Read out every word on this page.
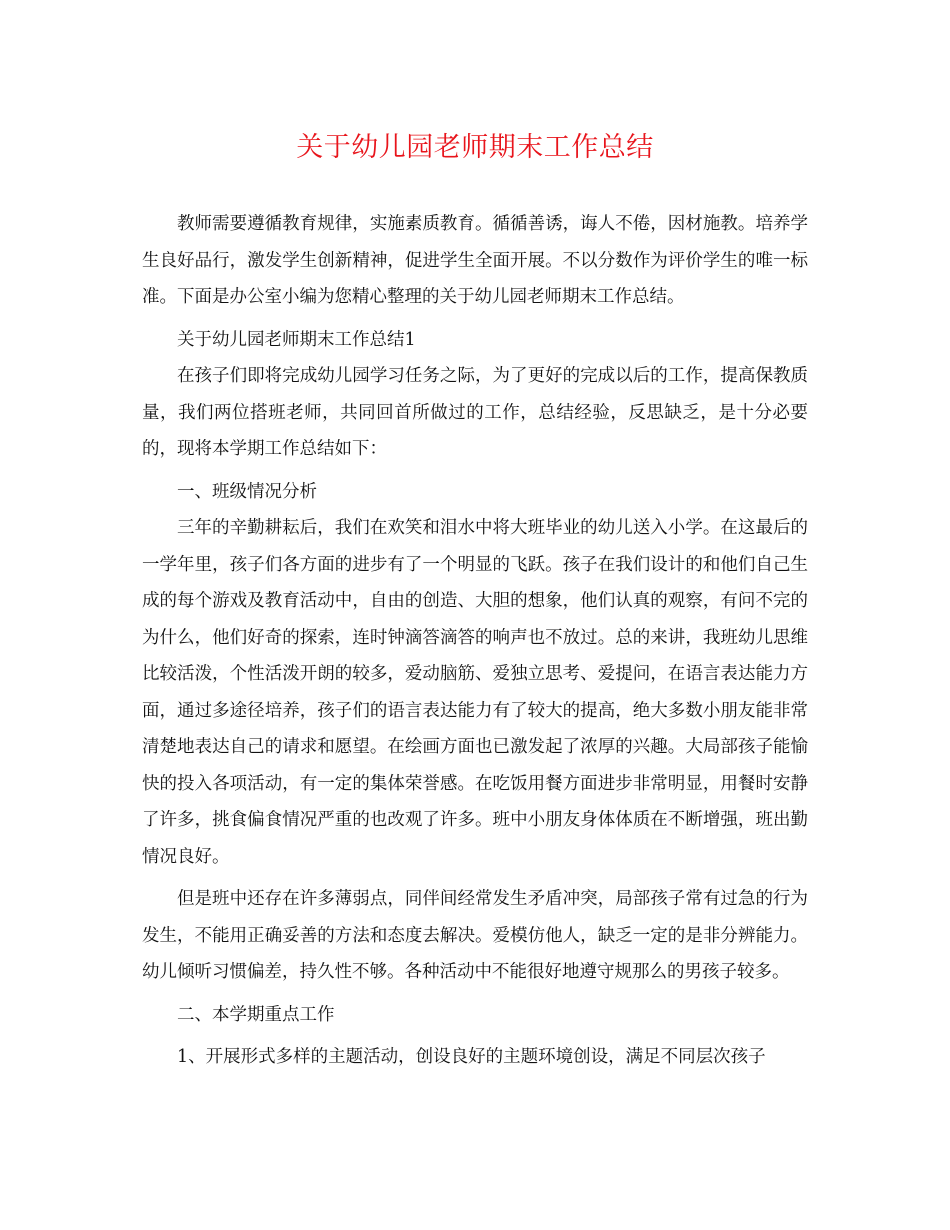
关于幼儿园老师期末工作总结

教师需要遵循教育规律，实施素质教育。循循善诱，诲人不倦，因材施教。培养学生良好品行，激发学生创新精神，促进学生全面开展。不以分数作为评价学生的唯一标准。下面是办公室小编为您精心整理的关于幼儿园老师期末工作总结。

关于幼儿园老师期末工作总结1

在孩子们即将完成幼儿园学习任务之际，为了更好的完成以后的工作，提高保教质量，我们两位搭班老师，共同回首所做过的工作，总结经验，反思缺乏，是十分必要的，现将本学期工作总结如下：

一、班级情况分析

三年的辛勤耕耘后，我们在欢笑和泪水中将大班毕业的幼儿送入小学。在这最后的一学年里，孩子们各方面的进步有了一个明显的飞跃。孩子在我们设计的和他们自己生成的每个游戏及教育活动中，自由的创造、大胆的想象，他们认真的观察，有问不完的为什么，他们好奇的探索，连时钟滴答滴答的响声也不放过。总的来讲，我班幼儿思维比较活泼，个性活泼开朗的较多，爱动脑筋、爱独立思考、爱提问，在语言表达能力方面，通过多途径培养，孩子们的语言表达能力有了较大的提高，绝大多数小朋友能非常清楚地表达自己的请求和愿望。在绘画方面也已激发起了浓厚的兴趣。大局部孩子能愉快的投入各项活动，有一定的集体荣誉感。在吃饭用餐方面进步非常明显，用餐时安静了许多，挑食偏食情况严重的也改观了许多。班中小朋友身体体质在不断增强，班出勤情况良好。

但是班中还存在许多薄弱点，同伴间经常发生矛盾冲突，局部孩子常有过急的行为发生，不能用正确妥善的方法和态度去解决。爱模仿他人，缺乏一定的是非分辨能力。幼儿倾听习惯偏差，持久性不够。各种活动中不能很好地遵守规那么的男孩子较多。

二、本学期重点工作

1、开展形式多样的主题活动，创设良好的主题环境创设，满足不同层次孩子
